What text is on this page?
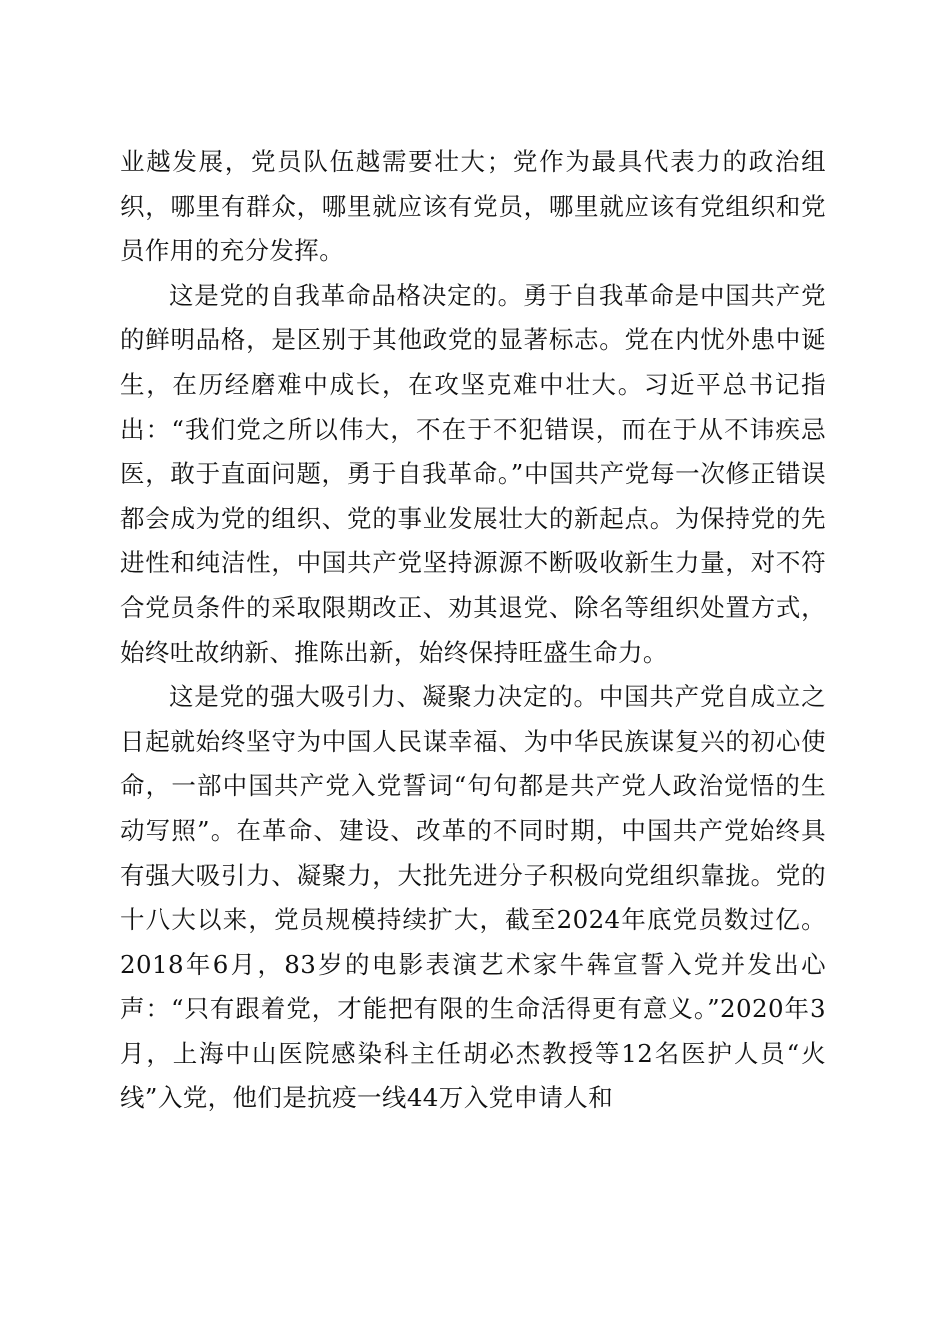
业越发展，党员队伍越需要壮大；党作为最具代表力的政治组织，哪里有群众，哪里就应该有党员，哪里就应该有党组织和党员作用的充分发挥。

这是党的自我革命品格决定的。勇于自我革命是中国共产党的鲜明品格，是区别于其他政党的显著标志。党在内忧外患中诞生，在历经磨难中成长，在攻坚克难中壮大。习近平总书记指出：“我们党之所以伟大，不在于不犯错误，而在于从不讳疾忌医，敢于直面问题，勇于自我革命。”中国共产党每一次修正错误都会成为党的组织、党的事业发展壮大的新起点。为保持党的先进性和纯洁性，中国共产党坚持源源不断吸收新生力量，对不符合党员条件的采取限期改正、劝其退党、除名等组织处置方式，始终吐故纳新、推陈出新，始终保持旺盛生命力。

这是党的强大吸引力、凝聚力决定的。中国共产党自成立之日起就始终坚守为中国人民谋幸福、为中华民族谋复兴的初心使命，一部中国共产党入党誓词“句句都是共产党人政治觉悟的生动写照”。在革命、建设、改革的不同时期，中国共产党始终具有强大吸引力、凝聚力，大批先进分子积极向党组织靠拢。党的十八大以来，党员规模持续扩大，截至2024年底党员数过亿。2018年6月，83岁的电影表演艺术家牛犇宣誓入党并发出心声：“只有跟着党，才能把有限的生命活得更有意义。”2020年3月，上海中山医院感染科主任胡必杰教授等12名医护人员“火线”入党，他们是抗疫一线44万入党申请人和
